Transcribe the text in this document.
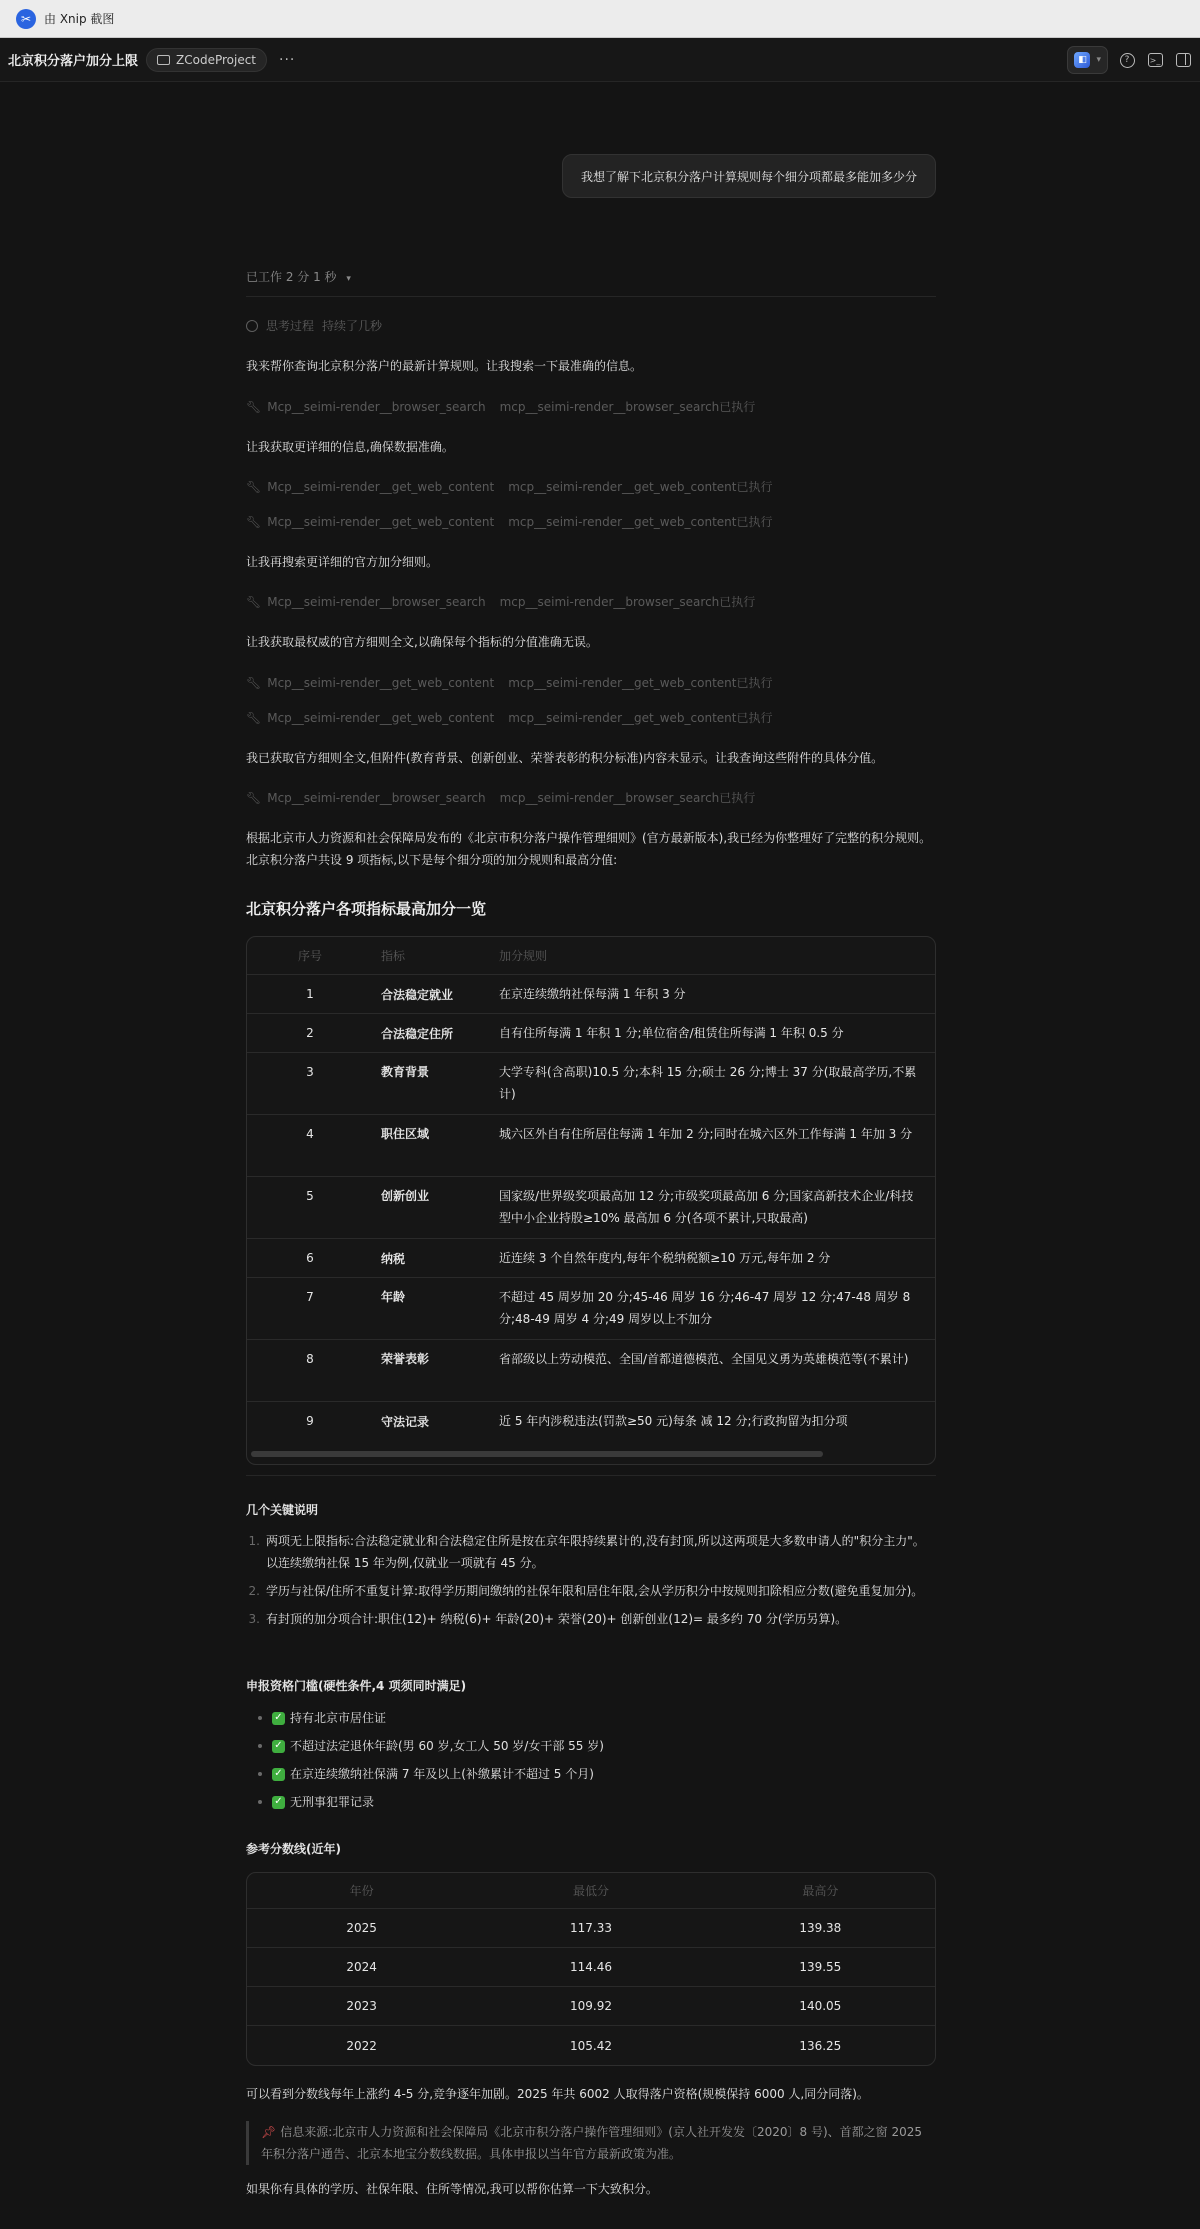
✂	由 Xnip 截图
北京积分落户加分上限	ZCodeProject ···	◧	▾	?	>_
我想了解下北京积分落户计算规则每个细分项都最多能加多少分
已工作 2 分 1 秒 ▾
思考过程 持续了几秒
我来帮你查询北京积分落户的最新计算规则。让我搜索一下最准确的信息。
🔧︎ Mcp__seimi-render__browser_search mcp__seimi-render__browser_search已执行
让我获取更详细的信息,确保数据准确。
🔧︎ Mcp__seimi-render__get_web_content mcp__seimi-render__get_web_content已执行
🔧︎ Mcp__seimi-render__get_web_content mcp__seimi-render__get_web_content已执行
让我再搜索更详细的官方加分细则。
🔧︎ Mcp__seimi-render__browser_search mcp__seimi-render__browser_search已执行
让我获取最权威的官方细则全文,以确保每个指标的分值准确无误。
🔧︎ Mcp__seimi-render__get_web_content mcp__seimi-render__get_web_content已执行
🔧︎ Mcp__seimi-render__get_web_content mcp__seimi-render__get_web_content已执行
我已获取官方细则全文,但附件(教育背景、创新创业、荣誉表彰的积分标准)内容未显示。让我查询这些附件的具体分值。
🔧︎ Mcp__seimi-render__browser_search mcp__seimi-render__browser_search已执行
根据北京市人力资源和社会保障局发布的《北京市积分落户操作管理细则》(官方最新版本),我已经为你整理好了完整的积分规则。北京积分落户共设 9 项指标,以下是每个细分项的加分规则和最高分值:
北京积分落户各项指标最高加分一览
序号	指标	加分规则
1	合法稳定就业	在京连续缴纳社保每满 1 年积 3 分
2	合法稳定住所	自有住所每满 1 年积 1 分;单位宿舍/租赁住所每满 1 年积 0.5 分
3	教育背景	大学专科(含高职)10.5 分;本科 15 分;硕士 26 分;博士 37 分(取最高学历,不累计)
4	职住区域	城六区外自有住所居住每满 1 年加 2 分;同时在城六区外工作每满 1 年加 3 分
5	创新创业	国家级/世界级奖项最高加 12 分;市级奖项最高加 6 分;国家高新技术企业/科技型中小企业持股≥10% 最高加 6 分(各项不累计,只取最高)
6	纳税	近连续 3 个自然年度内,每年个税纳税额≥10 万元,每年加 2 分
7	年龄	不超过 45 周岁加 20 分;45-46 周岁 16 分;46-47 周岁 12 分;47-48 周岁 8 分;48-49 周岁 4 分;49 周岁以上不加分
8	荣誉表彰	省部级以上劳动模范、全国/首都道德模范、全国见义勇为英雄模范等(不累计)
9	守法记录	近 5 年内涉税违法(罚款≥50 元)每条 减 12 分;行政拘留为扣分项
几个关键说明
1. 两项无上限指标:合法稳定就业和合法稳定住所是按在京年限持续累计的,没有封顶,所以这两项是大多数申请人的"积分主力"。以连续缴纳社保 15 年为例,仅就业一项就有 45 分。
2. 学历与社保/住所不重复计算:取得学历期间缴纳的社保年限和居住年限,会从学历积分中按规则扣除相应分数(避免重复加分)。
3. 有封顶的加分项合计:职住(12)+ 纳税(6)+ 年龄(20)+ 荣誉(20)+ 创新创业(12)= 最多约 70 分(学历另算)。
申报资格门槛(硬性条件,4 项须同时满足)
✓ 持有北京市居住证
✓ 不超过法定退休年龄(男 60 岁,女工人 50 岁/女干部 55 岁)
✓ 在京连续缴纳社保满 7 年及以上(补缴累计不超过 5 个月)
✓ 无刑事犯罪记录
参考分数线(近年)
年份	最低分	最高分
2025	117.33	139.38
2024	114.46	139.55
2023	109.92	140.05
2022	105.42	136.25
可以看到分数线每年上涨约 4-5 分,竞争逐年加剧。2025 年共 6002 人取得落户资格(规模保持 6000 人,同分同落)。
📌︎ 信息来源:北京市人力资源和社会保障局《北京市积分落户操作管理细则》(京人社开发发〔2020〕8 号)、首都之窗 2025 年积分落户通告、北京本地宝分数线数据。具体申报以当年官方最新政策为准。
如果你有具体的学历、社保年限、住所等情况,我可以帮你估算一下大致积分。
